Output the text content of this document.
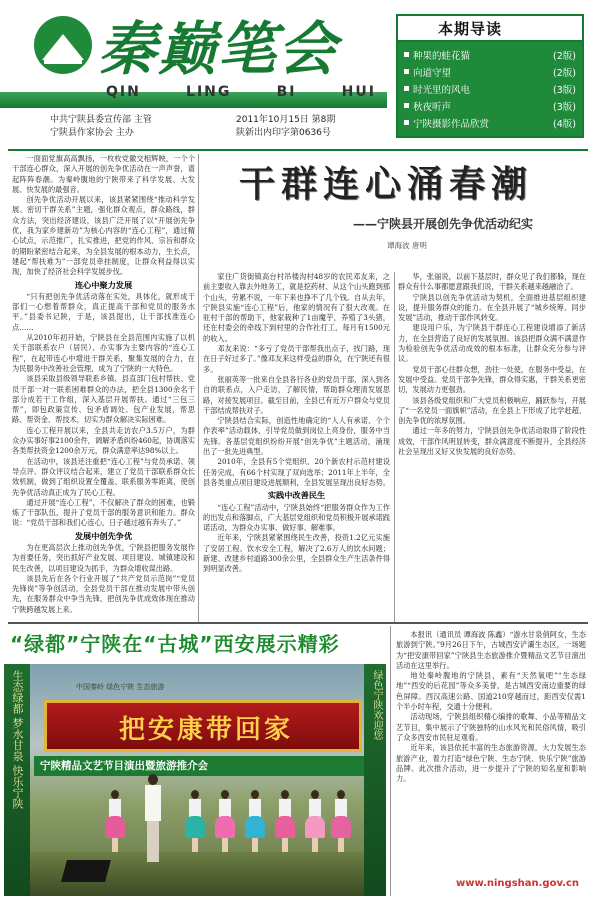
秦巅笔会
QIN	LING	BI	HUI
中共宁陕县委宣传部 主管
宁陕县作家协会 主办
2011年10月15日 第8期
陕新出内印字第0636号
本期导读
种果的蛙花猫	(2版)
向道守望	(2版)
时光里的风电	(3版)
秋夜听声	(3版)
宁陕摄影作品欣赏	(4版)

一面面党旗高高飘扬，一枚枚党徽交相辉映，一个个干部连心群众，深入开展的创先争优活动在一声声誉，谱起阵阵春潮。为秦岭腹地的宁陕带来了科学发展、大发展、快发展的最强音。

创先争优活动开展以来，该县紧紧围绕“推动科学发展、密切干群关系”主题，强化群众观点，群众路线，群众方法，突出经济建设，该县广泛开展了以“开展创先争优，我为家乡建新功”为核心内容的“连心工程”，通过精心试点，示范推广，扎实推进，把党的作风、宗旨和群众的期盼紧密结合起来，为全县发展的根本动力，生长点，建起“帮扶难为”一部党员牵挂制度，让群众利益得以实现，加快了经济社会科学发展步伐。

连心中聚力发展

“只有把创先争优活动落在实处，具体化，就形成干部们一心想着帮群众，真正提高干部和党员的服务水平。”县委书记陕，于是，该县提出，让干部找准连心点……

从2010年初开始，宁陕县在全县范围内实施了以机关干部联系农户（居民）、办实事为主要内容的“连心工程”，在起带连心中增进干群关系，聚集发展的合力，在为民服务中改善社会管理，成为了宁陕的一大特色。

该县采取县级领导联系乡镇、县直部门包村帮扶、党员干部一对一联系困难群众的办法，把全县1300余名干部分成若干工作组，深入基层开展帮扶。通过“三包三帮”，即包政策宣传、包矛盾调处、包产业发展，帮思路、帮资金、帮技术，切实为群众解决实际困难。

连心工程开展以来，全县共走访农户3.5万户，为群众办实事好事2100余件，调解矛盾纠纷460起，协调落实各类帮扶资金1200余万元，群众满意率达98%以上。

在活动中，该县还注重把“连心工程”与党员承诺、领导点评、群众评议结合起来，建立了党员干部联系群众长效机制，做到了组织设置全覆盖、联系服务零距离，使创先争优活动真正成为了民心工程。

通过开展“连心工程”，不仅解决了群众的困难，也锻炼了干部队伍，提升了党员干部的服务意识和能力。群众说：“党员干部和我们心连心，日子越过越有奔头了。”

发展中创先争优

为在更高层次上推动创先争优，宁陕县把服务发展作为首要任务，突出抓好产业发展、项目建设、城镇建设和民生改善，以项目建设为抓手，为群众增收谋出路。

该县先后在各个行业开展了“共产党员示范岗”“党员先锋岗”等争创活动，全县党员干部在推动发展中带头创先，在服务群众中争当先锋，把创先争优成效体现在推动宁陕跨越发展上来。

干群连心涌春潮
——宁陕县开展创先争优活动纪实
谭海波 唐明

家住广货街镇高台村吊楼沟村48岁的农民邓友来，之前主要收入靠去外地务工，就是挖药材、从这个山头跑到那个山头，劳累不说，一年下来也挣不了几个钱。自从去年，宁陕县实施“连心工程”后，他家的情况有了很大改观。在驻村干部的帮助下，他家栽种了1亩魔芋，养殖了3头猪，还在村委会的牵线下到村里的合作社打工，每月有1500元的收入。

邓友来说：“多亏了党员干部帮我出点子，找门路，现在日子好过多了。”像邓友来这样受益的群众，在宁陕还有很多。

张丽英等一批来自全县各行各业的党员干部，深入到各自的联系点，入户走访，了解民情，帮助群众理清发展思路，对接发展项目。截至目前，全县已有近万户群众与党员干部结成帮扶对子。

宁陕县结合实际，创造性地确定的“人人有承诺、个个作表率”活动载体，引导党员做到岗位上亮身份，服务中当先锋。各基层党组织纷纷开展“创先争优”主题活动，涌现出了一批先进典型。

2010年，全县有5个党组织、20个新农村示范村建设任务完成，有66个村实现了双向选举；2011年上半年，全县各类重点项目建设进展顺利，全县发展呈现出良好态势。

实践中改善民生

“连心工程”活动中，宁陕县始终“把服务群众作为工作的出发点和落脚点，广大基层党组织和党员积极开展承诺践诺活动，为群众办实事、做好事、解难事。

近年来，宁陕县紧紧围绕民生改善，投资1.2亿元实施了安居工程、饮水安全工程，解决了2.6万人的饮水问题；新建、改建乡村道路300余公里，全县群众生产生活条件得到明显改善。

华，张丽说，以前下基层时，群众见了我们都躲，现在群众有什么事都愿意跟我们说，干群关系越来越融洽了。

宁陕县以创先争优活动为契机，全面推进基层组织建设，提升服务群众的能力。在全县开展了“城乡统筹、同步发展”活动，推动干部作风转变。

建设用户乐，为宁陕县干群连心工程建设增添了新活力，在全县营造了良好的发展氛围。该县把群众满不满意作为检验创先争优活动成效的根本标准，让群众充分参与评议。

党员干部心往群众想，劲往一处使，在服务中受益，在发展中受益。党员干部争先锋，群众得实惠，干群关系更密切，发展动力更强劲。

该县各级党组织和广大党员积极响应，踊跃参与，开展了“一名党员一面旗帜”活动，在全县上下形成了比学赶超、创先争优的浓厚氛围。

通过一年多的努力，宁陕县创先争优活动取得了阶段性成效，干部作风明显转变，群众满意度不断提升，全县经济社会呈现出又好又快发展的良好态势。

“绿都”宁陕在“古城”西安展示精彩
生态绿都 梦水甘泉 快乐宁陕	中国秦岭 绿色宁陕 生态旅游
把安康带回家
宁陕精品文艺节目演出暨旅游推介会
绿色宁陕欢迎您

本报讯（通讯员 谭海波 陈鑫）“游水甘泉俏阿女，生态旅游到宁陕。”9月26日下午，古城西安浐灞生态区，一场题为“把安康带回家”宁陕县生态旅游推介暨精品文艺节目演出活动在这里举行。

地处秦岭腹地的宁陕县，素有“天然氧吧”“生态绿地”“西安的后花园”等众多美誉，是古城西安南边重要的绿色屏障。西汉高速公路、国道210穿越而过，距西安仅需1个半小时车程，交通十分便利。

活动现场，宁陕县组织精心编排的歌舞、小品等精品文艺节目，集中展示了宁陕独特的山水风光和民俗风情，吸引了众多西安市民驻足观看。

近年来，该县依托丰富的生态旅游资源，大力发展生态旅游产业，着力打造“绿色宁陕、生态宁陕、快乐宁陕”旅游品牌。此次推介活动，进一步提升了宁陕的知名度和影响力。

www.ningshan.gov.cn
